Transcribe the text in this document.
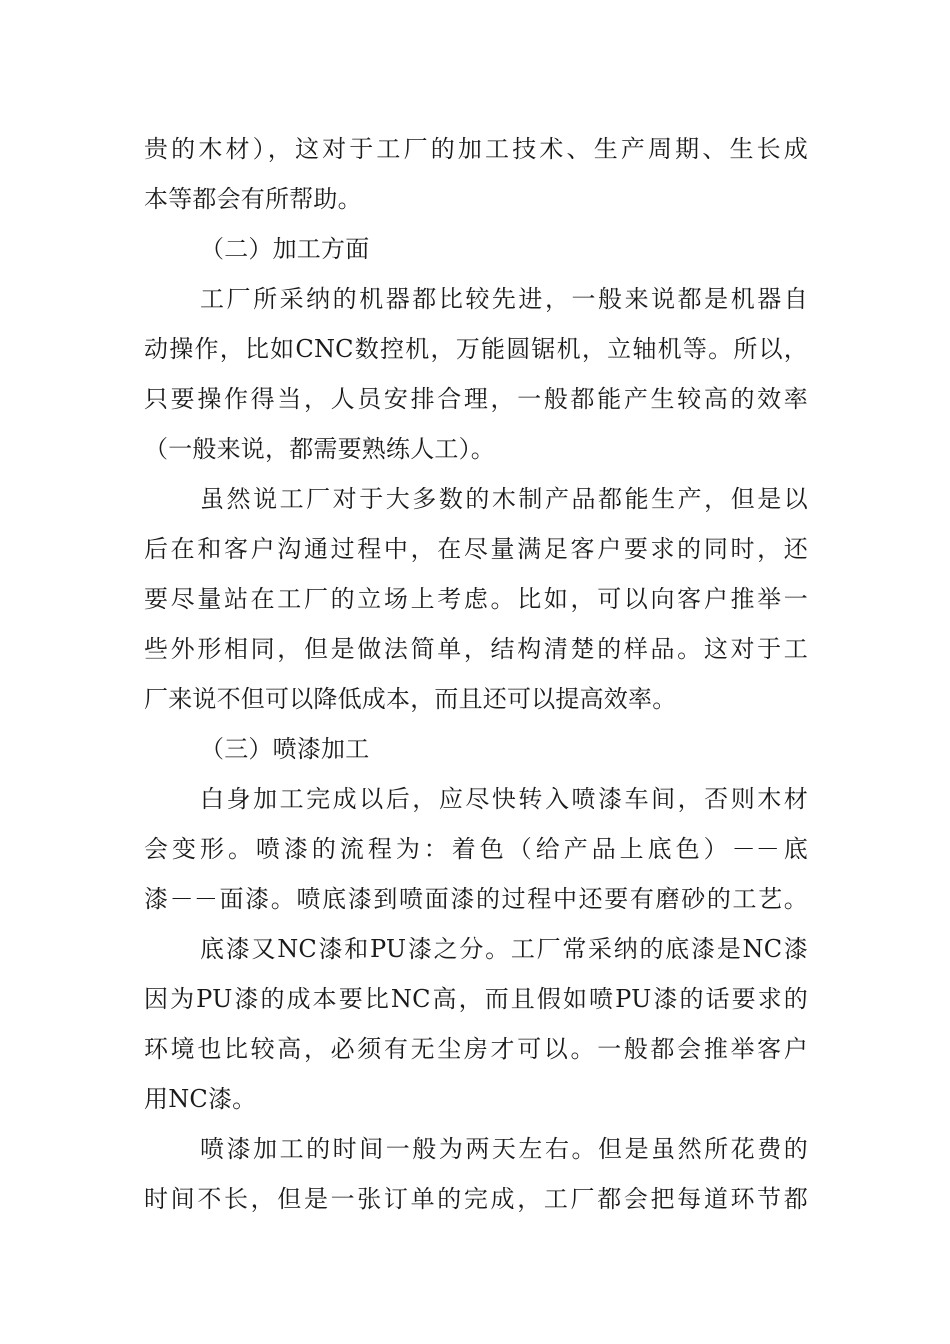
贵的木材），这对于工厂的加工技术、生产周期、生长成
本等都会有所帮助。
（二）加工方面
工厂所采纳的机器都比较先进，一般来说都是机器自
动操作，比如CNC数控机，万能圆锯机，立轴机等。所以，
只要操作得当，人员安排合理，一般都能产生较高的效率
（一般来说，都需要熟练人工）。
虽然说工厂对于大多数的木制产品都能生产，但是以
后在和客户沟通过程中，在尽量满足客户要求的同时，还
要尽量站在工厂的立场上考虑。比如，可以向客户推举一
些外形相同，但是做法简单，结构清楚的样品。这对于工
厂来说不但可以降低成本，而且还可以提高效率。
（三）喷漆加工
白身加工完成以后，应尽快转入喷漆车间，否则木材
会变形。喷漆的流程为：着色（给产品上底色）－－底
漆－－面漆。喷底漆到喷面漆的过程中还要有磨砂的工艺。
底漆又NC漆和PU漆之分。工厂常采纳的底漆是NC漆
因为PU漆的成本要比NC高，而且假如喷PU漆的话要求的
环境也比较高，必须有无尘房才可以。一般都会推举客户
用NC漆。
喷漆加工的时间一般为两天左右。但是虽然所花费的
时间不长，但是一张订单的完成，工厂都会把每道环节都
